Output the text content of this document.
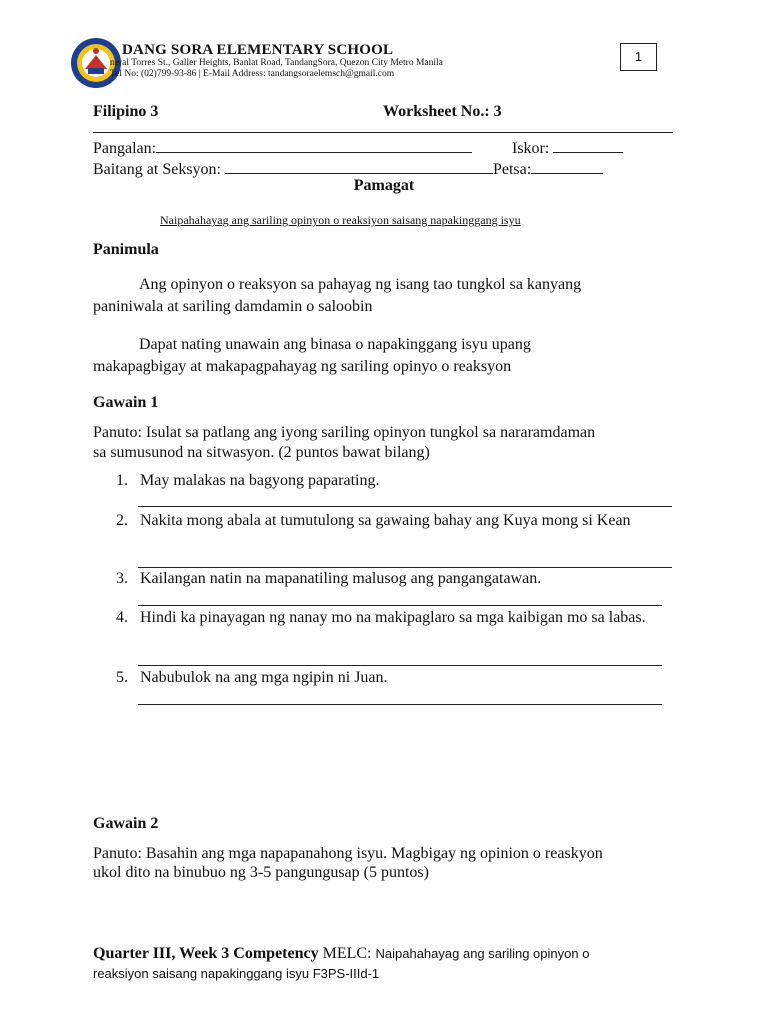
DANG SORA ELEMENTARY SCHOOL
neral Torres St., Galler Heights, Banlat Road, TandangSora, Quezon City Metro Manila
Tel No: (02)799-93-86 | E-Mail Address: tandangsoraelemsch@gmail.com
1
Filipino 3	Worksheet No.: 3
Pangalan:	Iskor:
Baitang at Seksyon:	Petsa:
Pamagat
Naipahahayag ang sariling opinyon o reaksiyon saisang napakinggang isyu
Panimula
Ang opinyon o reaksyon sa pahayag ng isang tao tungkol sa kanyang
paniniwala at sariling damdamin o saloobin
Dapat nating unawain ang binasa o napakinggang isyu upang
makapagbigay at makapagpahayag ng sariling opinyo o reaksyon
Gawain 1
Panuto: Isulat sa patlang ang iyong sariling opinyon tungkol sa nararamdaman
sa sumusunod na sitwasyon. (2 puntos bawat bilang)
1. May malakas na bagyong paparating.
2. Nakita mong abala at tumutulong sa gawaing bahay ang Kuya mong si Kean
3. Kailangan natin na mapanatiling malusog ang pangangatawan.
4. Hindi ka pinayagan ng nanay mo na makipaglaro sa mga kaibigan mo sa labas.
5. Nabubulok na ang mga ngipin ni Juan.
Gawain 2
Panuto: Basahin ang mga napapanahong isyu. Magbigay ng opinion o reaskyon
ukol dito na binubuo ng 3-5 pangungusap (5 puntos)
Quarter III, Week 3 Competency MELC: Naipahahayag ang sariling opinyon o
reaksiyon saisang napakinggang isyu F3PS-IIId-1
